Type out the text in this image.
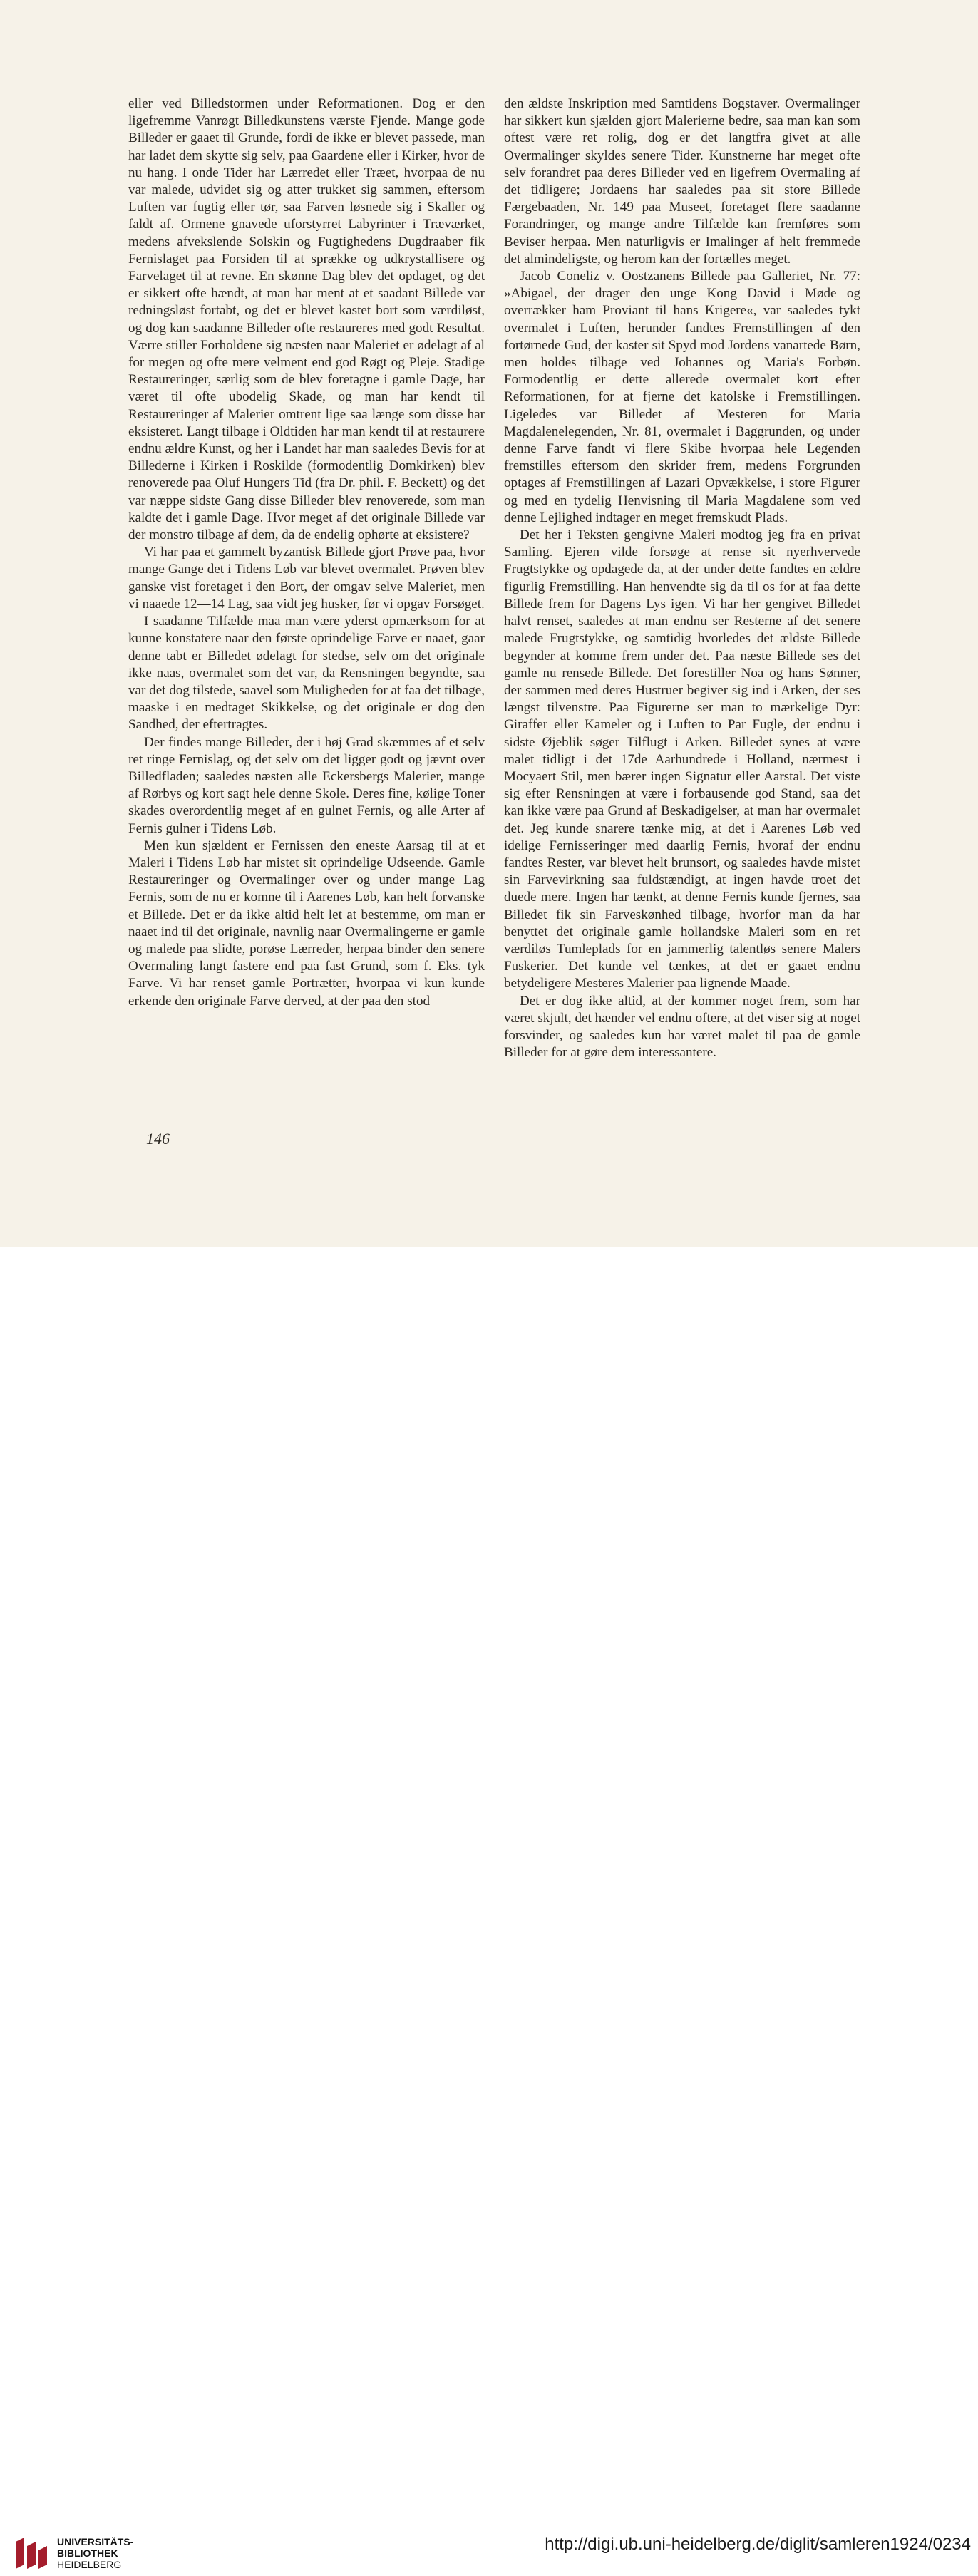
eller ved Billedstormen under Reformationen. Dog er den ligefremme Vanrøgt Billedkunstens værste Fjende. Mange gode Billeder er gaaet til Grunde, fordi de ikke er blevet passede, man har ladet dem skytte sig selv, paa Gaardene eller i Kirker, hvor de nu hang. I onde Tider har Lærredet eller Træet, hvorpaa de nu var malede, udvidet sig og atter trukket sig sammen, eftersom Luften var fugtig eller tør, saa Farven løsnede sig i Skaller og faldt af. Ormene gnavede uforstyrret Labyrinter i Træværket, medens afvekslende Solskin og Fugtighedens Dugdraaber fik Fernislaget paa Forsiden til at sprække og udkrystallisere og Farvelaget til at revne. En skønne Dag blev det opdaget, og det er sikkert ofte hændt, at man har ment at et saadant Billede var redningsløst fortabt, og det er blevet kastet bort som værdiløst, og dog kan saadanne Billeder ofte restaureres med godt Resultat. Værre stiller Forholdene sig næsten naar Maleriet er ødelagt af al for megen og ofte mere velment end god Røgt og Pleje. Stadige Restaureringer, særlig som de blev foretagne i gamle Dage, har været til ofte ubodelig Skade, og man har kendt til Restaureringer af Malerier omtrent lige saa længe som disse har eksisteret. Langt tilbage i Oldtiden har man kendt til at restaurere endnu ældre Kunst, og her i Landet har man saaledes Bevis for at Billederne i Kirken i Roskilde (formodentlig Domkirken) blev renoverede paa Oluf Hungers Tid (fra Dr. phil. F. Beckett) og det var næppe sidste Gang disse Billeder blev renoverede, som man kaldte det i gamle Dage. Hvor meget af det originale Billede var der monstro tilbage af dem, da de endelig ophørte at eksistere?

Vi har paa et gammelt byzantisk Billede gjort Prøve paa, hvor mange Gange det i Tidens Løb var blevet overmalet. Prøven blev ganske vist foretaget i den Bort, der omgav selve Maleriet, men vi naaede 12—14 Lag, saa vidt jeg husker, før vi opgav Forsøget.

I saadanne Tilfælde maa man være yderst opmærksom for at kunne konstatere naar den første oprindelige Farve er naaet, gaar denne tabt er Billedet ødelagt for stedse, selv om det originale ikke naas, overmalet som det var, da Rensningen begyndte, saa var det dog tilstede, saavel som Muligheden for at faa det tilbage, maaske i en medtaget Skikkelse, og det originale er dog den Sandhed, der eftertragtes.

Der findes mange Billeder, der i høj Grad skæmmes af et selv ret ringe Fernislag, og det selv om det ligger godt og jævnt over Billedfladen; saaledes næsten alle Eckersbergs Malerier, mange af Rørbys og kort sagt hele denne Skole. Deres fine, kølige Toner skades overordentlig meget af en gulnet Fernis, og alle Arter af Fernis gulner i Tidens Løb.

Men kun sjældent er Fernissen den eneste Aarsag til at et Maleri i Tidens Løb har mistet sit oprindelige Udseende. Gamle Restaureringer og Overmalinger over og under mange Lag Fernis, som de nu er komne til i Aarenes Løb, kan helt forvanske et Billede. Det er da ikke altid helt let at bestemme, om man er naaet ind til det originale, navnlig naar Overmalingerne er gamle og malede paa slidte, porøse Lærreder, herpaa binder den senere Overmaling langt fastere end paa fast Grund, som f. Eks. tyk Farve. Vi har renset gamle Portrætter, hvorpaa vi kun kunde erkende den originale Farve derved, at der paa den stod

den ældste Inskription med Samtidens Bogstaver. Overmalinger har sikkert kun sjælden gjort Malerierne bedre, saa man kan som oftest være ret rolig, dog er det langtfra givet at alle Overmalinger skyldes senere Tider. Kunstnerne har meget ofte selv forandret paa deres Billeder ved en ligefrem Overmaling af det tidligere; Jordaens har saaledes paa sit store Billede Færgebaaden, Nr. 149 paa Museet, foretaget flere saadanne Forandringer, og mange andre Tilfælde kan fremføres som Beviser herpaa. Men naturligvis er Imalinger af helt fremmede det almindeligste, og herom kan der fortælles meget.

Jacob Coneliz v. Oostzanens Billede paa Galleriet, Nr. 77: »Abigael, der drager den unge Kong David i Møde og overrækker ham Proviant til hans Krigere«, var saaledes tykt overmalet i Luften, herunder fandtes Fremstillingen af den fortørnede Gud, der kaster sit Spyd mod Jordens vanartede Børn, men holdes tilbage ved Johannes og Maria's Forbøn. Formodentlig er dette allerede overmalet kort efter Reformationen, for at fjerne det katolske i Fremstillingen. Ligeledes var Billedet af Mesteren for Maria Magdalenelegenden, Nr. 81, overmalet i Baggrunden, og under denne Farve fandt vi flere Skibe hvorpaa hele Legenden fremstilles eftersom den skrider frem, medens Forgrunden optages af Fremstillingen af Lazari Opvækkelse, i store Figurer og med en tydelig Henvisning til Maria Magdalene som ved denne Lejlighed indtager en meget fremskudt Plads.

Det her i Teksten gengivne Maleri modtog jeg fra en privat Samling. Ejeren vilde forsøge at rense sit nyerhvervede Frugtstykke og opdagede da, at der under dette fandtes en ældre figurlig Fremstilling. Han henvendte sig da til os for at faa dette Billede frem for Dagens Lys igen. Vi har her gengivet Billedet halvt renset, saaledes at man endnu ser Resterne af det senere malede Frugtstykke, og samtidig hvorledes det ældste Billede begynder at komme frem under det. Paa næste Billede ses det gamle nu rensede Billede. Det forestiller Noa og hans Sønner, der sammen med deres Hustruer begiver sig ind i Arken, der ses længst tilvenstre. Paa Figurerne ser man to mærkelige Dyr: Giraffer eller Kameler og i Luften to Par Fugle, der endnu i sidste Øjeblik søger Tilflugt i Arken. Billedet synes at være malet tidligt i det 17de Aarhundrede i Holland, nærmest i Mocyaert Stil, men bærer ingen Signatur eller Aarstal. Det viste sig efter Rensningen at være i forbausende god Stand, saa det kan ikke være paa Grund af Beskadigelser, at man har overmalet det. Jeg kunde snarere tænke mig, at det i Aarenes Løb ved idelige Fernisseringer med daarlig Fernis, hvoraf der endnu fandtes Rester, var blevet helt brunsort, og saaledes havde mistet sin Farvevirkning saa fuldstændigt, at ingen havde troet det duede mere. Ingen har tænkt, at denne Fernis kunde fjernes, saa Billedet fik sin Farveskønhed tilbage, hvorfor man da har benyttet det originale gamle hollandske Maleri som en ret værdiløs Tumleplads for en jammerlig talentløs senere Malers Fuskerier. Det kunde vel tænkes, at det er gaaet endnu betydeligere Mesteres Malerier paa lignende Maade.

Det er dog ikke altid, at der kommer noget frem, som har været skjult, det hænder vel endnu oftere, at det viser sig at noget forsvinder, og saaledes kun har været malet til paa de gamle Billeder for at gøre dem interessantere.

146
UNIVERSITÄTS-
BIBLIOTHEK
HEIDELBERG
http://digi.ub.uni-heidelberg.de/diglit/samleren1924/0234
